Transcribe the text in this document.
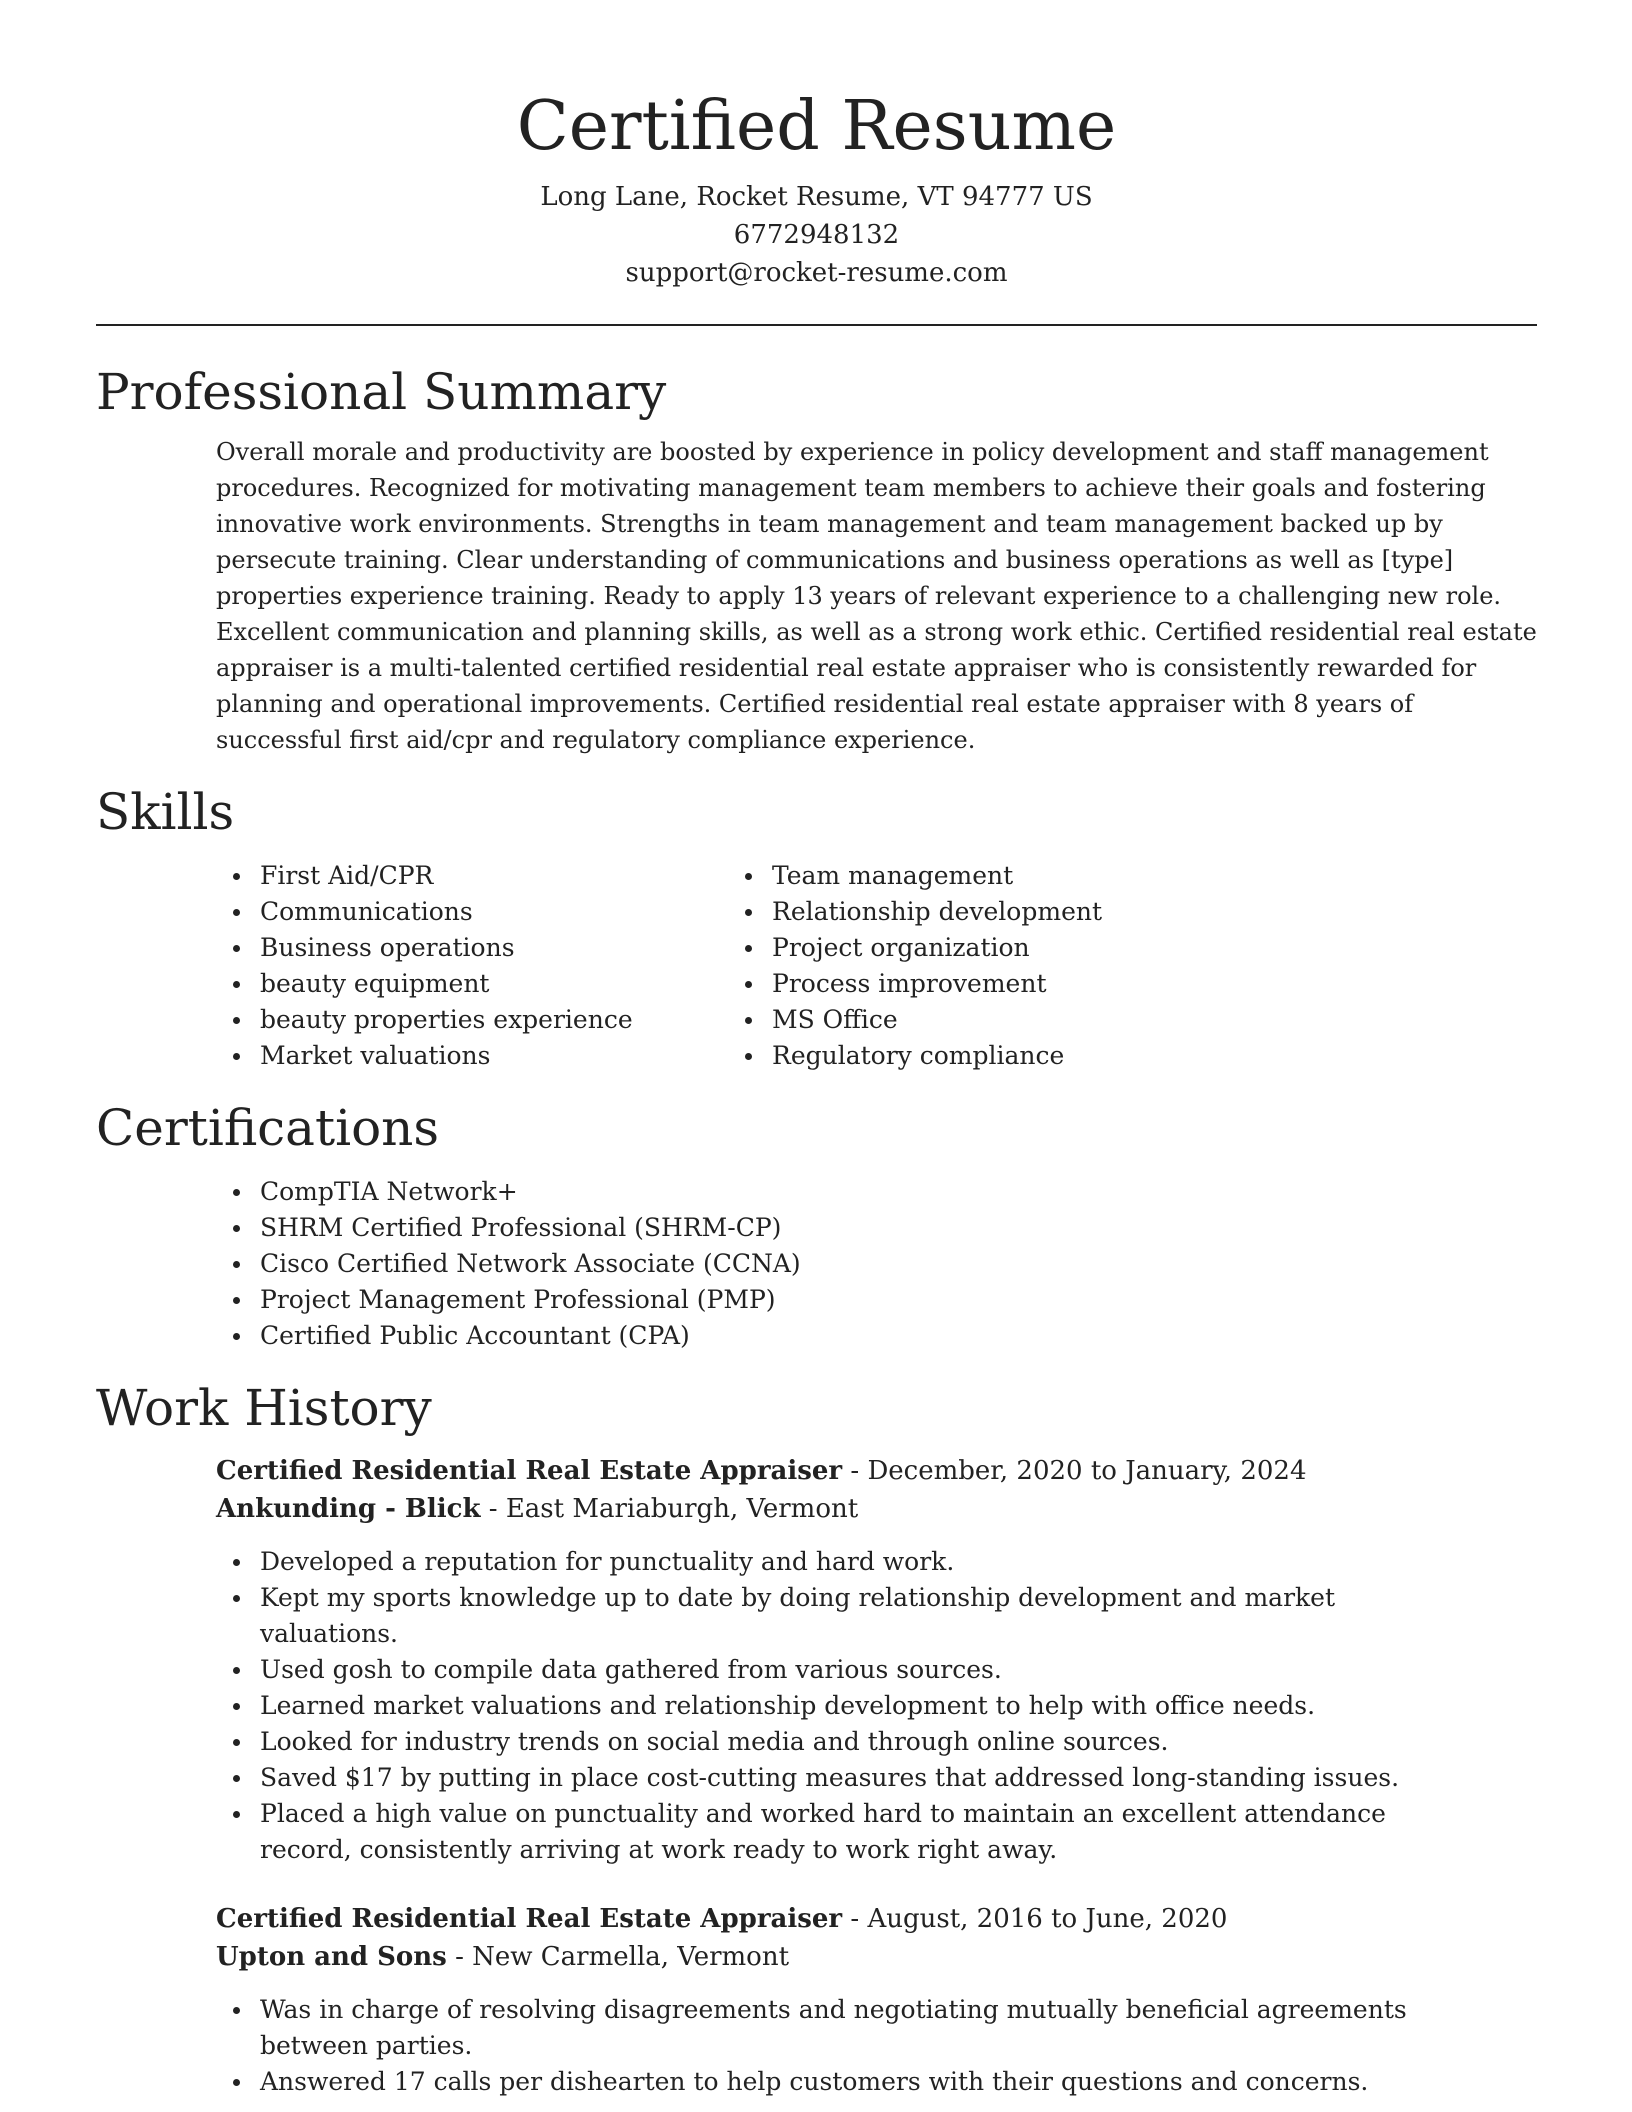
Certified Resume
Long Lane, Rocket Resume, VT 94777 US
6772948132
support@rocket-resume.com
Professional Summary

Overall morale and productivity are boosted by experience in policy development and staff management procedures. Recognized for motivating management team members to achieve their goals and fostering innovative work environments. Strengths in team management and team management backed up by persecute training. Clear understanding of communications and business operations as well as [type] properties experience training. Ready to apply 13 years of relevant experience to a challenging new role. Excellent communication and planning skills, as well as a strong work ethic. Certified residential real estate appraiser is a multi-talented certified residential real estate appraiser who is consistently rewarded for planning and operational improvements. Certified residential real estate appraiser with 8 years of successful first aid/cpr and regulatory compliance experience.

Skills
First Aid/CPR
Communications
Business operations
beauty equipment
beauty properties experience
Market valuations
Team management
Relationship development
Project organization
Process improvement
MS Office
Regulatory compliance
Certifications
CompTIA Network+
SHRM Certified Professional (SHRM-CP)
Cisco Certified Network Associate (CCNA)
Project Management Professional (PMP)
Certified Public Accountant (CPA)
Work History
Certified Residential Real Estate Appraiser - December, 2020 to January, 2024
Ankunding - Blick - East Mariaburgh, Vermont
Developed a reputation for punctuality and hard work.
Kept my sports knowledge up to date by doing relationship development and market valuations.
Used gosh to compile data gathered from various sources.
Learned market valuations and relationship development to help with office needs.
Looked for industry trends on social media and through online sources.
Saved $17 by putting in place cost-cutting measures that addressed long-standing issues.
Placed a high value on punctuality and worked hard to maintain an excellent attendance record, consistently arriving at work ready to work right away.
Certified Residential Real Estate Appraiser - August, 2016 to June, 2020
Upton and Sons - New Carmella, Vermont
Was in charge of resolving disagreements and negotiating mutually beneficial agreements between parties.
Answered 17 calls per dishearten to help customers with their questions and concerns.
